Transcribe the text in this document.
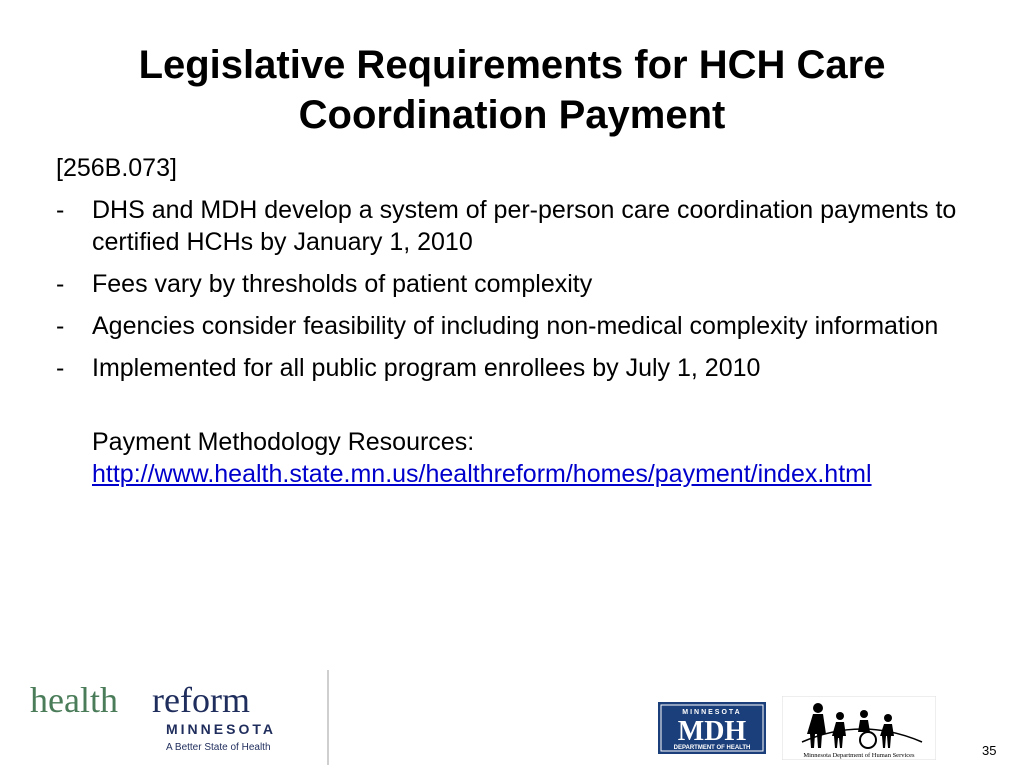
Legislative Requirements for HCH Care
Coordination Payment
[256B.073]
- DHS and MDH develop a system of per-person care coordination payments to certified HCHs by January 1, 2010
- Fees vary by thresholds of patient complexity
- Agencies consider feasibility of including non-medical complexity information
- Implemented for all public program enrollees by July 1, 2010
Payment Methodology Resources:
http://www.health.state.mn.us/healthreform/homes/payment/index.html
health reform
MINNESOTA
A Better State of Health
MINNESOTA
MDH
DEPARTMENT OF HEALTH
Minnesota Department of Human Services	35
